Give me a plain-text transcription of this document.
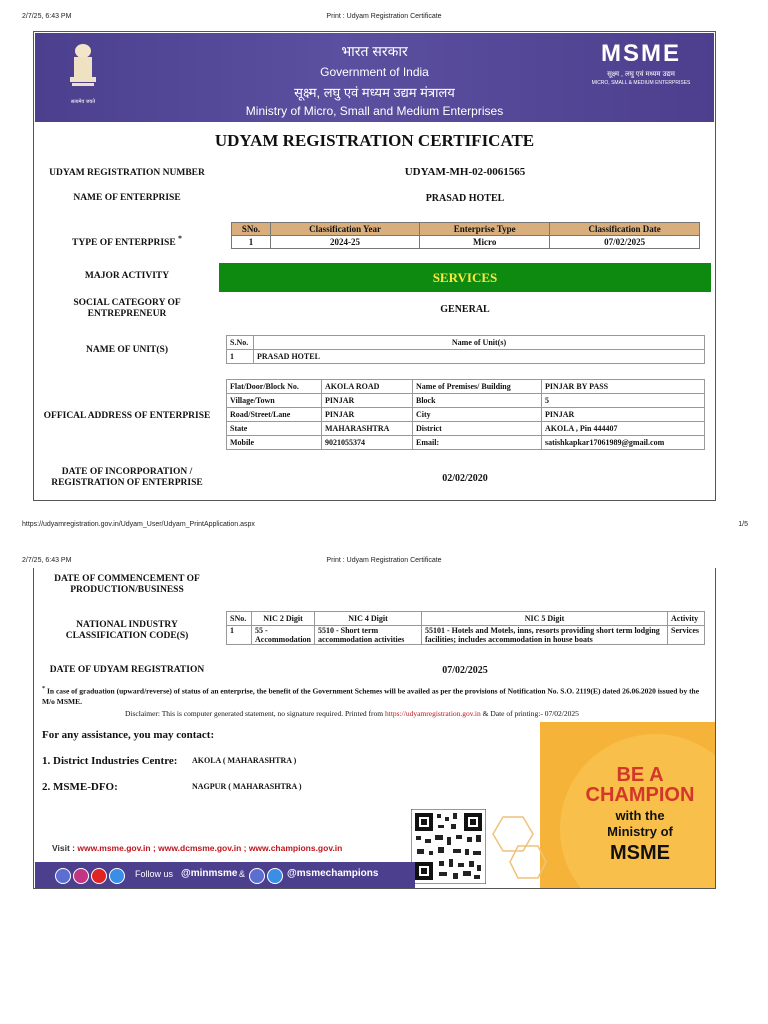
2/7/25, 6:43 PM	Print : Udyam Registration Certificate
सत्यमेव जयते
भारत सरकार
Government of India
सूक्ष्म, लघु एवं मध्यम उद्यम मंत्रालय
Ministry of Micro, Small and Medium Enterprises
MSME
सूक्ष्म , लघु एवं मध्यम उद्यम
MICRO, SMALL & MEDIUM ENTERPRISES
UDYAM REGISTRATION CERTIFICATE
UDYAM REGISTRATION NUMBER	UDYAM-MH-02-0061565
NAME OF ENTERPRISE	PRASAD HOTEL
TYPE OF ENTERPRISE *
SNo.	Classification Year	Enterprise Type	Classification Date
1	2024-25	Micro	07/02/2025
MAJOR ACTIVITY	SERVICES
SOCIAL CATEGORY OF
ENTREPRENEUR	GENERAL
NAME OF UNIT(S)
S.No.	Name of Unit(s)
1	PRASAD HOTEL
OFFICAL ADDRESS OF ENTERPRISE
Flat/Door/Block No.	AKOLA ROAD	Name of Premises/ Building	PINJAR BY PASS
Village/Town	PINJAR	Block	5
Road/Street/Lane	PINJAR	City	PINJAR
State	MAHARASHTRA	District	AKOLA , Pin 444407
Mobile	9021055374	Email:	satishkapkar17061989@gmail.com
DATE OF INCORPORATION /
REGISTRATION OF ENTERPRISE	02/02/2020
https://udyamregistration.gov.in/Udyam_User/Udyam_PrintApplication.aspx	1/5
2/7/25, 6:43 PM	Print : Udyam Registration Certificate
DATE OF COMMENCEMENT OF
PRODUCTION/BUSINESS
NATIONAL INDUSTRY
CLASSIFICATION CODE(S)
SNo.	NIC 2 Digit	NIC 4 Digit	NIC 5 Digit	Activity
1	55 - Accommodation	5510 - Short term accommodation activities	55101 - Hotels and Motels, inns, resorts providing short term lodging facilities; includes accommodation in house boats	Services
DATE OF UDYAM REGISTRATION	07/02/2025
* In case of graduation (upward/reverse) of status of an enterprise, the benefit of the Government Schemes will be availed as per the provisions of Notification No. S.O. 2119(E) dated 26.06.2020 issued by the M/o MSME.
Disclaimer: This is computer generated statement, no signature required. Printed from https://udyamregistration.gov.in & Date of printing:- 07/02/2025
For any assistance, you may contact:
1. District Industries Centre: AKOLA ( MAHARASHTRA )
2. MSME-DFO:	NAGPUR ( MAHARASHTRA )
BE A
CHAMPION
with the
Ministry of
MSME
Visit : www.msme.gov.in ; www.dcmsme.gov.in ; www.champions.gov.in
Follow us @minmsme &	@msmechampions
